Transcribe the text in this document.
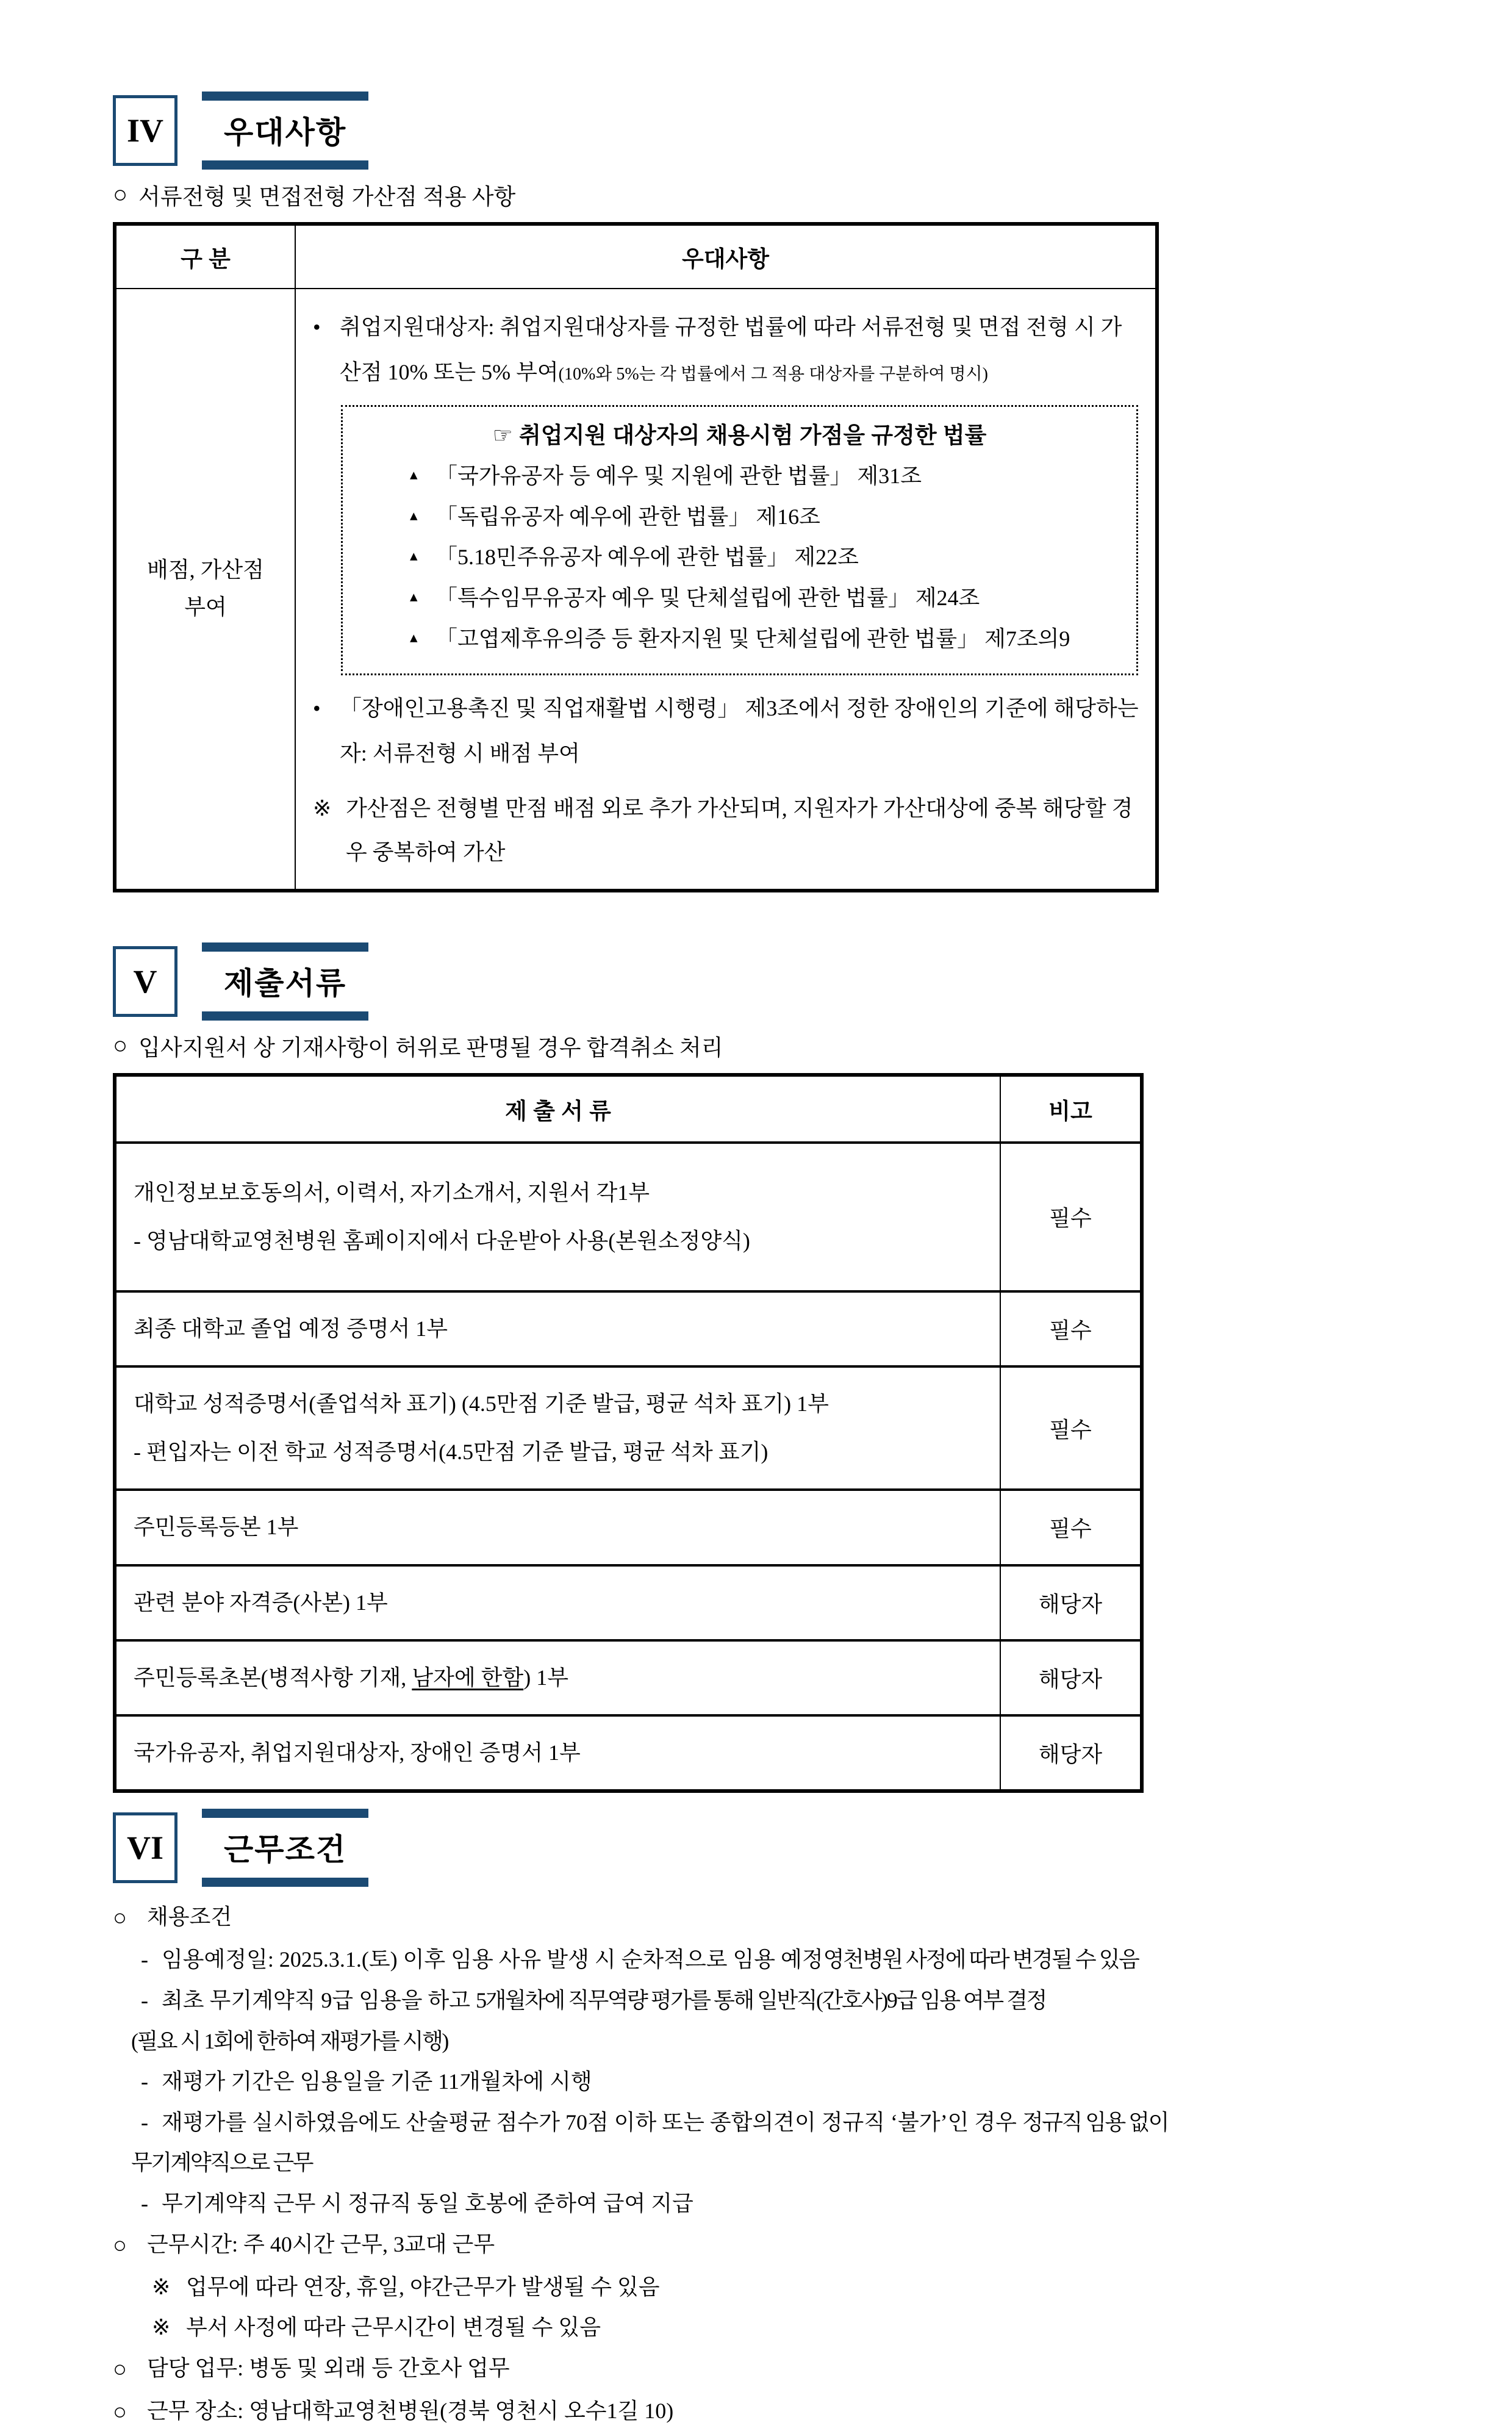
IV	우대사항
○ 서류전형 및 면접전형 가산점 적용 사항
구 분	우대사항

배점, 가산점
부여

• 취업지원대상자: 취업지원대상자를 규정한 법률에 따라 서류전형 및 면접 전형 시 가산점 10% 또는 5% 부여(10%와 5%는 각 법률에서 그 적용 대상자를 구분하여 명시)
☞ 취업지원 대상자의 채용시험 가점을 규정한 법률
▴ 「국가유공자 등 예우 및 지원에 관한 법률」 제31조
▴ 「독립유공자 예우에 관한 법률」 제16조
▴ 「5.18민주유공자 예우에 관한 법률」 제22조
▴ 「특수임무유공자 예우 및 단체설립에 관한 법률」 제24조
▴ 「고엽제후유의증 등 환자지원 및 단체설립에 관한 법률」 제7조의9
• 「장애인고용촉진 및 직업재활법 시행령」 제3조에서 정한 장애인의 기준에 해당하는자: 서류전형 시 배점 부여
※ 가산점은 전형별 만점 배점 외로 추가 가산되며, 지원자가 가산대상에 중복 해당할 경우 중복하여 가산
V	제출서류
○ 입사지원서 상 기재사항이 허위로 판명될 경우 합격취소 처리
제 출 서 류	비고

개인정보보호동의서, 이력서, 자기소개서, 지원서 각1부
- 영남대학교영천병원 홈페이지에서 다운받아 사용(본원소정양식)	필수

최종 대학교 졸업 예정 증명서 1부	필수

대학교 성적증명서(졸업석차 표기) (4.5만점 기준 발급, 평균 석차 표기) 1부
- 편입자는 이전 학교 성적증명서(4.5만점 기준 발급, 평균 석차 표기)	필수

주민등록등본 1부	필수

관련 분야 자격증(사본) 1부	해당자

주민등록초본(병적사항 기재, 남자에 한함) 1부	해당자

국가유공자, 취업지원대상자, 장애인 증명서 1부	해당자
VI	근무조건
○ 채용조건
- 임용예정일: 2025.3.1.(토) 이후 임용 사유 발생 시 순차적으로 임용 예정영천병원 사정에 따라 변경될 수 있음
- 최초 무기계약직 9급 임용을 하고 5개월차에 직무역량 평가를 통해 일반직(간호사)9급 임용 여부 결정
(필요 시 1회에 한하여 재평가를 시행)
- 재평가 기간은 임용일을 기준 11개월차에 시행
- 재평가를 실시하였음에도 산술평균 점수가 70점 이하 또는 종합의견이 정규직 ‘불가’인 경우 정규직 임용 없이
무기계약직으로 근무
- 무기계약직 근무 시 정규직 동일 호봉에 준하여 급여 지급
○ 근무시간: 주 40시간 근무, 3교대 근무
※ 업무에 따라 연장, 휴일, 야간근무가 발생될 수 있음
※ 부서 사정에 따라 근무시간이 변경될 수 있음
○ 담당 업무: 병동 및 외래 등 간호사 업무
○ 근무 장소: 영남대학교영천병원(경북 영천시 오수1길 10)
